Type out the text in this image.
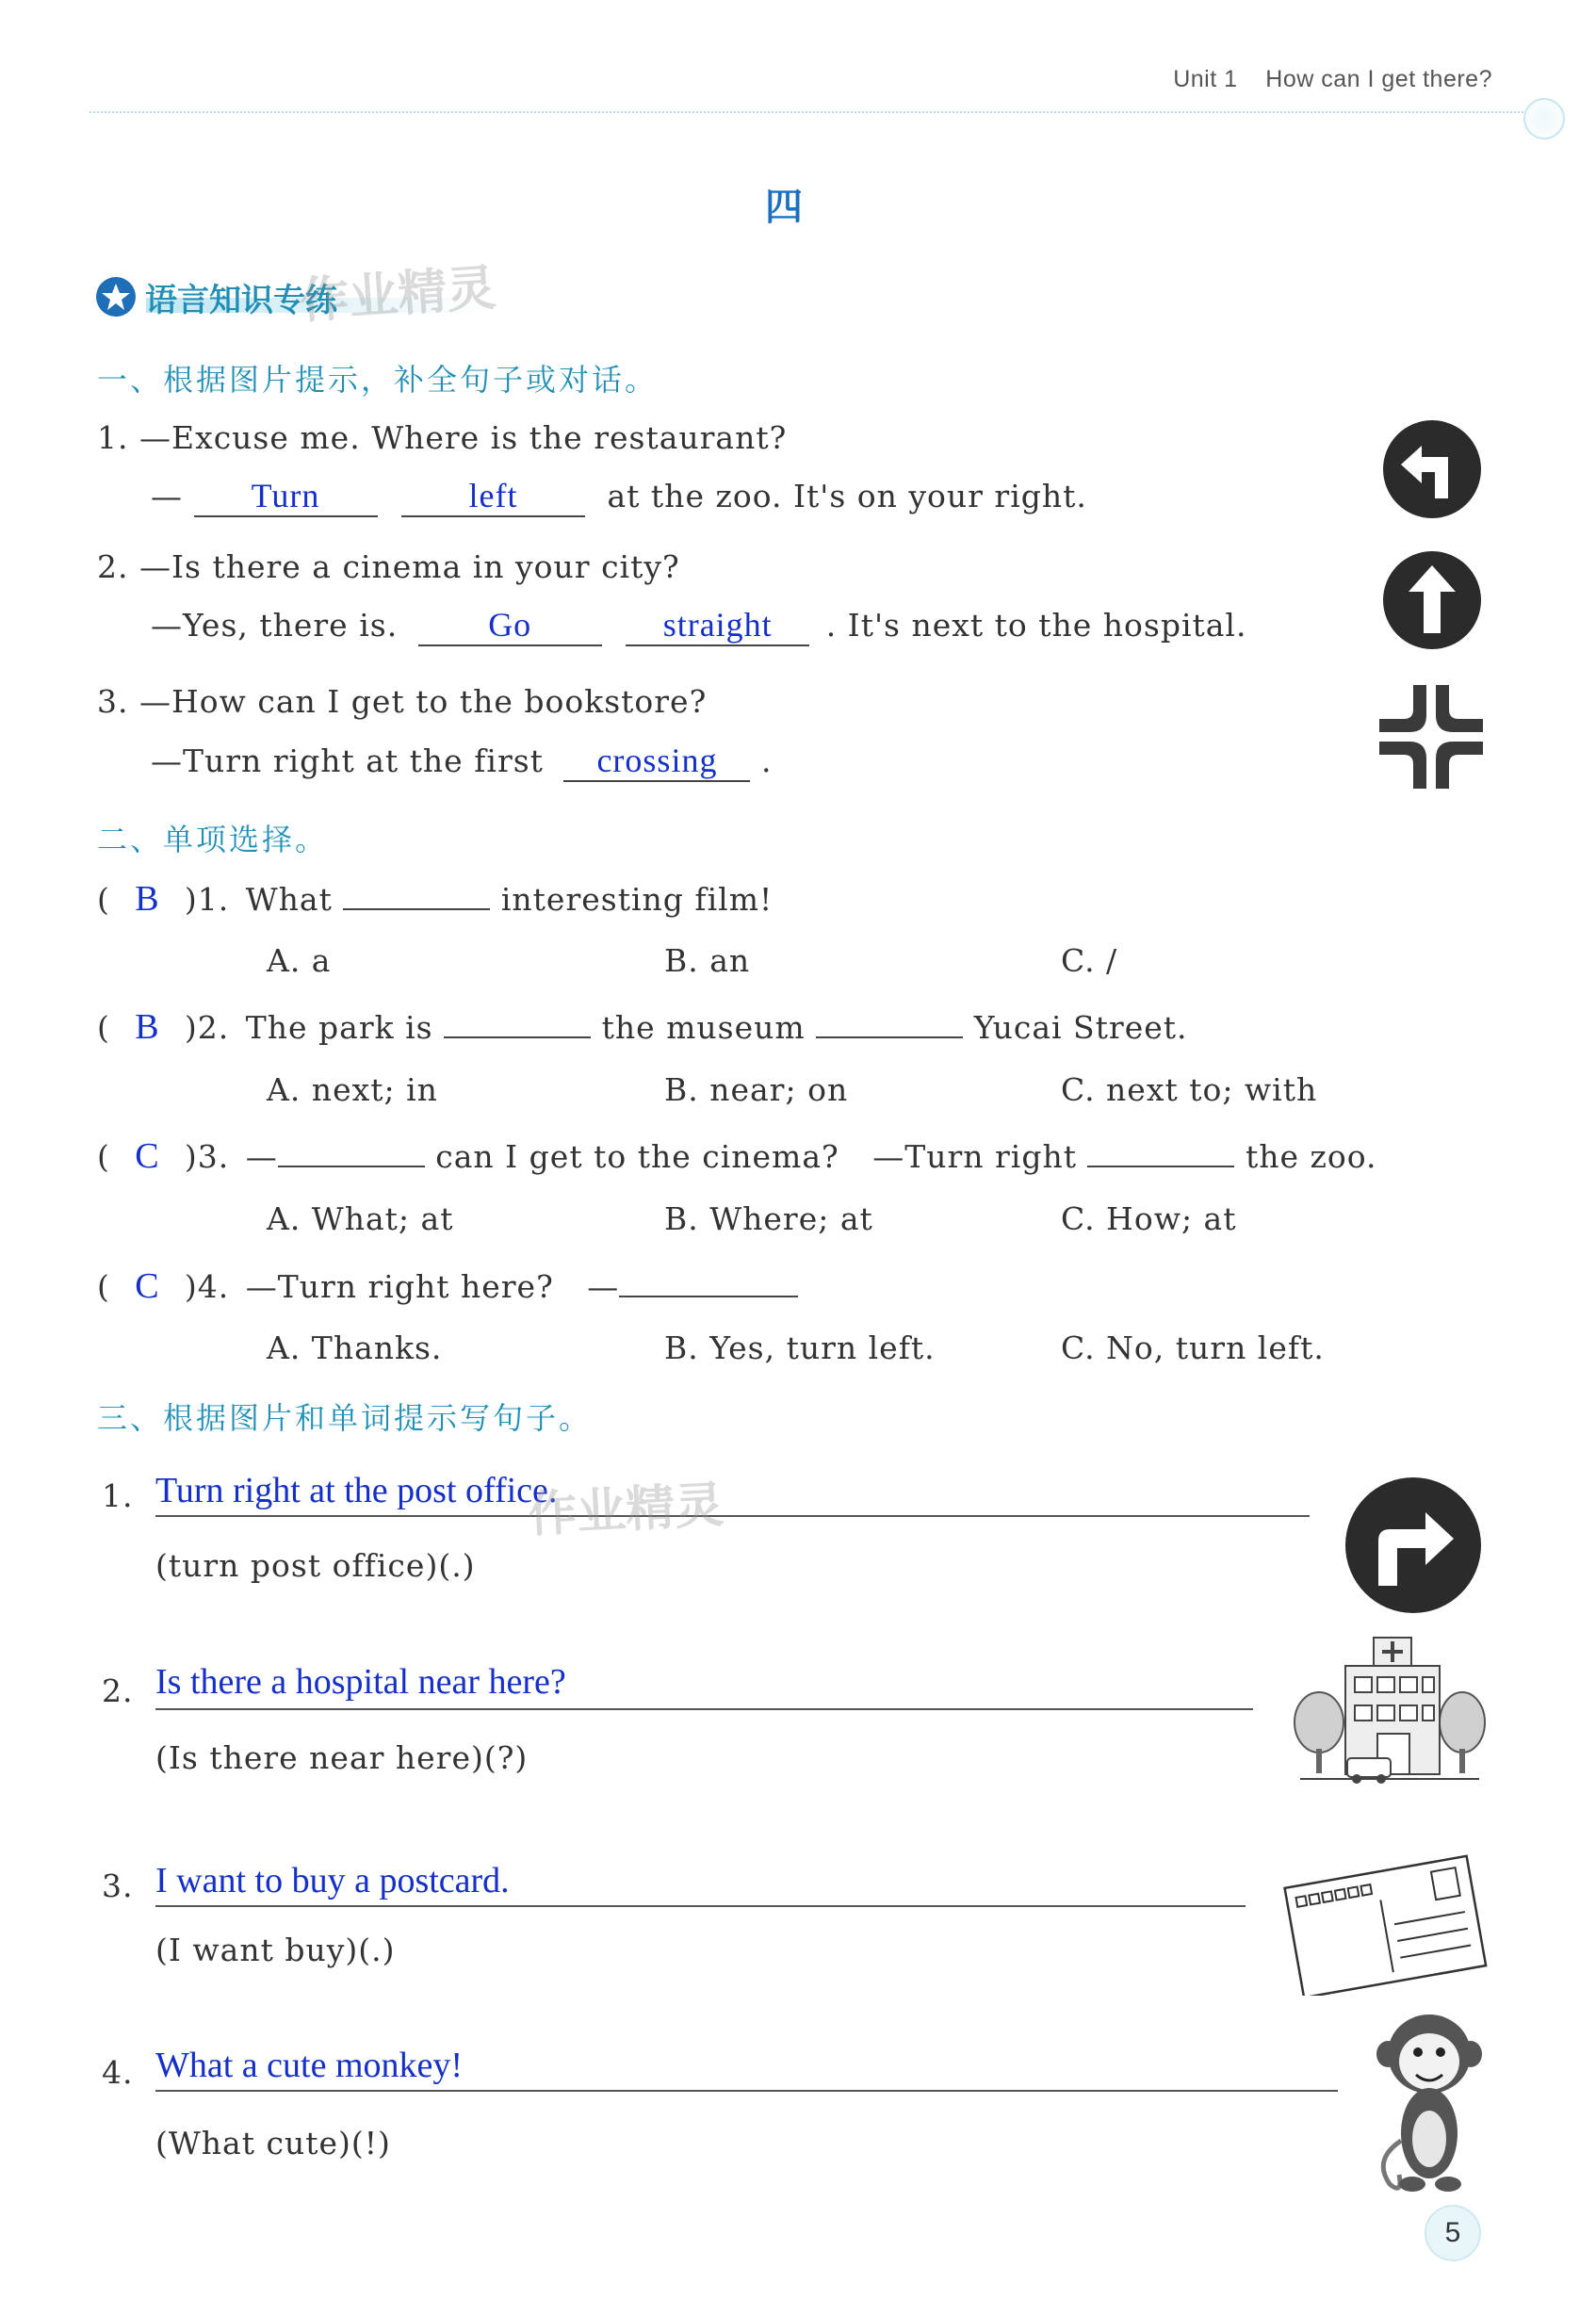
Unit 1 How can I get there?
四
语言知识专练
作业精灵
一、根据图片提示，补全句子或对话。
1. —Excuse me. Where is the restaurant?
— Turn	left	at the zoo. It's on your right.
2. —Is there a cinema in your city?
—Yes, there is.	Go	straight . It's next to the hospital.
3. —How can I get to the bookstore?
—Turn right at the first crossing .
二、单项选择。
( B )1. What	interesting film!
A. a	B. an	C. /
( B )2. The park is	the museum	Yucai Street.
A. next; in	B. near; on	C. next to; with
( C )3. —	can I get to the cinema? —Turn right	the zoo.
A. What; at	B. Where; at	C. How; at
( C )4. —Turn right here? —
A. Thanks.	B. Yes, turn left.	C. No, turn left.
三、根据图片和单词提示写句子。
1. Turn right at the post office.
作业精灵
(turn post office)(.)
2. Is there a hospital near here?
(Is there near here)(?)
3. I want to buy a postcard.
(I want buy)(.)
4. What a cute monkey!
(What cute)(!)
5
